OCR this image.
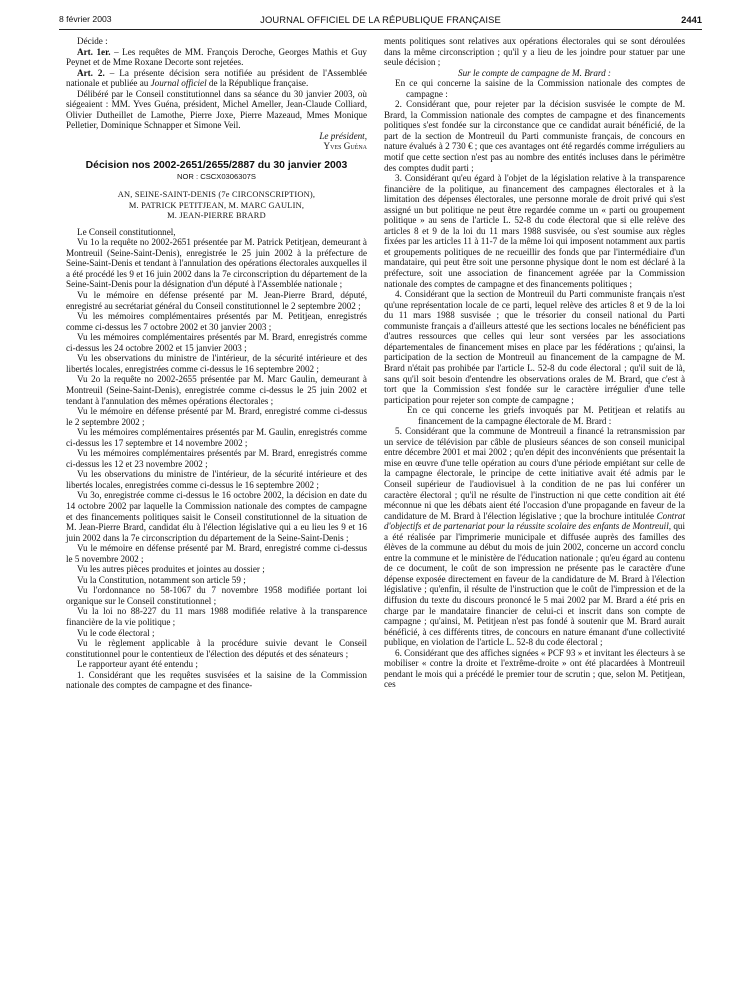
8 février 2003	JOURNAL OFFICIEL DE LA RÉPUBLIQUE FRANÇAISE	2441

Décide :

Art. 1er. – Les requêtes de MM. François Deroche, Georges Mathis et Guy Peynet et de Mme Roxane Decorte sont rejetées.

Art. 2. – La présente décision sera notifiée au président de l'Assemblée nationale et publiée au Journal officiel de la République française.

Délibéré par le Conseil constitutionnel dans sa séance du 30 janvier 2003, où siégeaient : MM. Yves Guéna, président, Michel Ameller, Jean-Claude Colliard, Olivier Dutheillet de Lamothe, Pierre Joxe, Pierre Mazeaud, Mmes Monique Pelletier, Dominique Schnapper et Simone Veil.

Le président,

Yves Guéna

Décision nos 2002-2651/2655/2887 du 30 janvier 2003

NOR : CSCX0306307S

AN, SEINE-SAINT-DENIS (7e CIRCONSCRIPTION),

M. PATRICK PETITJEAN, M. MARC GAULIN,

M. JEAN-PIERRE BRARD

Le Conseil constitutionnel,

Vu 1o la requête no 2002-2651 présentée par M. Patrick Petitjean, demeurant à Montreuil (Seine-Saint-Denis), enregistrée le 25 juin 2002 à la préfecture de Seine-Saint-Denis et tendant à l'annulation des opérations électorales auxquelles il a été procédé les 9 et 16 juin 2002 dans la 7e circonscription du département de la Seine-Saint-Denis pour la désignation d'un député à l'Assemblée nationale ;

Vu le mémoire en défense présenté par M. Jean-Pierre Brard, député, enregistré au secrétariat général du Conseil constitutionnel le 2 septembre 2002 ;

Vu les mémoires complémentaires présentés par M. Petitjean, enregistrés comme ci-dessus les 7 octobre 2002 et 30 janvier 2003 ;

Vu les mémoires complémentaires présentés par M. Brard, enregistrés comme ci-dessus les 24 octobre 2002 et 15 janvier 2003 ;

Vu les observations du ministre de l'intérieur, de la sécurité intérieure et des libertés locales, enregistrées comme ci-dessus le 16 septembre 2002 ;

Vu 2o la requête no 2002-2655 présentée par M. Marc Gaulin, demeurant à Montreuil (Seine-Saint-Denis), enregistrée comme ci-dessus le 25 juin 2002 et tendant à l'annulation des mêmes opérations électorales ;

Vu le mémoire en défense présenté par M. Brard, enregistré comme ci-dessus le 2 septembre 2002 ;

Vu les mémoires complémentaires présentés par M. Gaulin, enregistrés comme ci-dessus les 17 septembre et 14 novembre 2002 ;

Vu les mémoires complémentaires présentés par M. Brard, enregistrés comme ci-dessus les 12 et 23 novembre 2002 ;

Vu les observations du ministre de l'intérieur, de la sécurité intérieure et des libertés locales, enregistrées comme ci-dessus le 16 septembre 2002 ;

Vu 3o, enregistrée comme ci-dessus le 16 octobre 2002, la décision en date du 14 octobre 2002 par laquelle la Commission nationale des comptes de campagne et des financements politiques saisit le Conseil constitutionnel de la situation de M. Jean-Pierre Brard, candidat élu à l'élection législative qui a eu lieu les 9 et 16 juin 2002 dans la 7e circonscription du département de la Seine-Saint-Denis ;

Vu le mémoire en défense présenté par M. Brard, enregistré comme ci-dessus le 5 novembre 2002 ;

Vu les autres pièces produites et jointes au dossier ;

Vu la Constitution, notamment son article 59 ;

Vu l'ordonnance no 58-1067 du 7 novembre 1958 modifiée portant loi organique sur le Conseil constitutionnel ;

Vu la loi no 88-227 du 11 mars 1988 modifiée relative à la transparence financière de la vie politique ;

Vu le code électoral ;

Vu le règlement applicable à la procédure suivie devant le Conseil constitutionnel pour le contentieux de l'élection des députés et des sénateurs ;

Le rapporteur ayant été entendu ;

1. Considérant que les requêtes susvisées et la saisine de la Commission nationale des comptes de campagne et des finance-

ments politiques sont relatives aux opérations électorales qui se sont déroulées dans la même circonscription ; qu'il y a lieu de les joindre pour statuer par une seule décision ;

Sur le compte de campagne de M. Brard :

En ce qui concerne la saisine de la Commission nationale des comptes de campagne :

2. Considérant que, pour rejeter par la décision susvisée le compte de M. Brard, la Commission nationale des comptes de campagne et des financements politiques s'est fondée sur la circonstance que ce candidat aurait bénéficié, de la part de la section de Montreuil du Parti communiste français, de concours en nature évalués à 2 730 € ; que ces avantages ont été regardés comme irréguliers au motif que cette section n'est pas au nombre des entités incluses dans le périmètre des comptes dudit parti ;

3. Considérant qu'eu égard à l'objet de la législation relative à la transparence financière de la politique, au financement des campagnes électorales et à la limitation des dépenses électorales, une personne morale de droit privé qui s'est assigné un but politique ne peut être regardée comme un « parti ou groupement politique » au sens de l'article L. 52-8 du code électoral que si elle relève des articles 8 et 9 de la loi du 11 mars 1988 susvisée, ou s'est soumise aux règles fixées par les articles 11 à 11-7 de la même loi qui imposent notamment aux partis et groupements politiques de ne recueillir des fonds que par l'intermédiaire d'un mandataire, qui peut être soit une personne physique dont le nom est déclaré à la préfecture, soit une association de financement agréée par la Commission nationale des comptes de campagne et des financements politiques ;

4. Considérant que la section de Montreuil du Parti communiste français n'est qu'une représentation locale de ce parti, lequel relève des articles 8 et 9 de la loi du 11 mars 1988 susvisée ; que le trésorier du conseil national du Parti communiste français a d'ailleurs attesté que les sections locales ne bénéficient pas d'autres ressources que celles qui leur sont versées par les associations départementales de financement mises en place par les fédérations ; qu'ainsi, la participation de la section de Montreuil au financement de la campagne de M. Brard n'était pas prohibée par l'article L. 52-8 du code électoral ; qu'il suit de là, sans qu'il soit besoin d'entendre les observations orales de M. Brard, que c'est à tort que la Commission s'est fondée sur le caractère irrégulier d'une telle participation pour rejeter son compte de campagne ;

En ce qui concerne les griefs invoqués par M. Petitjean et relatifs au financement de la campagne électorale de M. Brard :

5. Considérant que la commune de Montreuil a financé la retransmission par un service de télévision par câble de plusieurs séances de son conseil municipal entre décembre 2001 et mai 2002 ; qu'en dépit des inconvénients que présentait la mise en œuvre d'une telle opération au cours d'une période empiétant sur celle de la campagne électorale, le principe de cette initiative avait été admis par le Conseil supérieur de l'audiovisuel à la condition de ne pas lui conférer un caractère électoral ; qu'il ne résulte de l'instruction ni que cette condition ait été méconnue ni que les débats aient été l'occasion d'une propagande en faveur de la candidature de M. Brard à l'élection législative ; que la brochure intitulée Contrat d'objectifs et de partenariat pour la réussite scolaire des enfants de Montreuil, qui a été réalisée par l'imprimerie municipale et diffusée auprès des familles des élèves de la commune au début du mois de juin 2002, concerne un accord conclu entre la commune et le ministère de l'éducation nationale ; qu'eu égard au contenu de ce document, le coût de son impression ne présente pas le caractère d'une dépense exposée directement en faveur de la candidature de M. Brard à l'élection législative ; qu'enfin, il résulte de l'instruction que le coût de l'impression et de la diffusion du texte du discours prononcé le 5 mai 2002 par M. Brard a été pris en charge par le mandataire financier de celui-ci et inscrit dans son compte de campagne ; qu'ainsi, M. Petitjean n'est pas fondé à soutenir que M. Brard aurait bénéficié, à ces différents titres, de concours en nature émanant d'une collectivité publique, en violation de l'article L. 52-8 du code électoral ;

6. Considérant que des affiches signées « PCF 93 » et invitant les électeurs à se mobiliser « contre la droite et l'extrême-droite » ont été placardées à Montreuil pendant le mois qui a précédé le premier tour de scrutin ; que, selon M. Petitjean, ces
